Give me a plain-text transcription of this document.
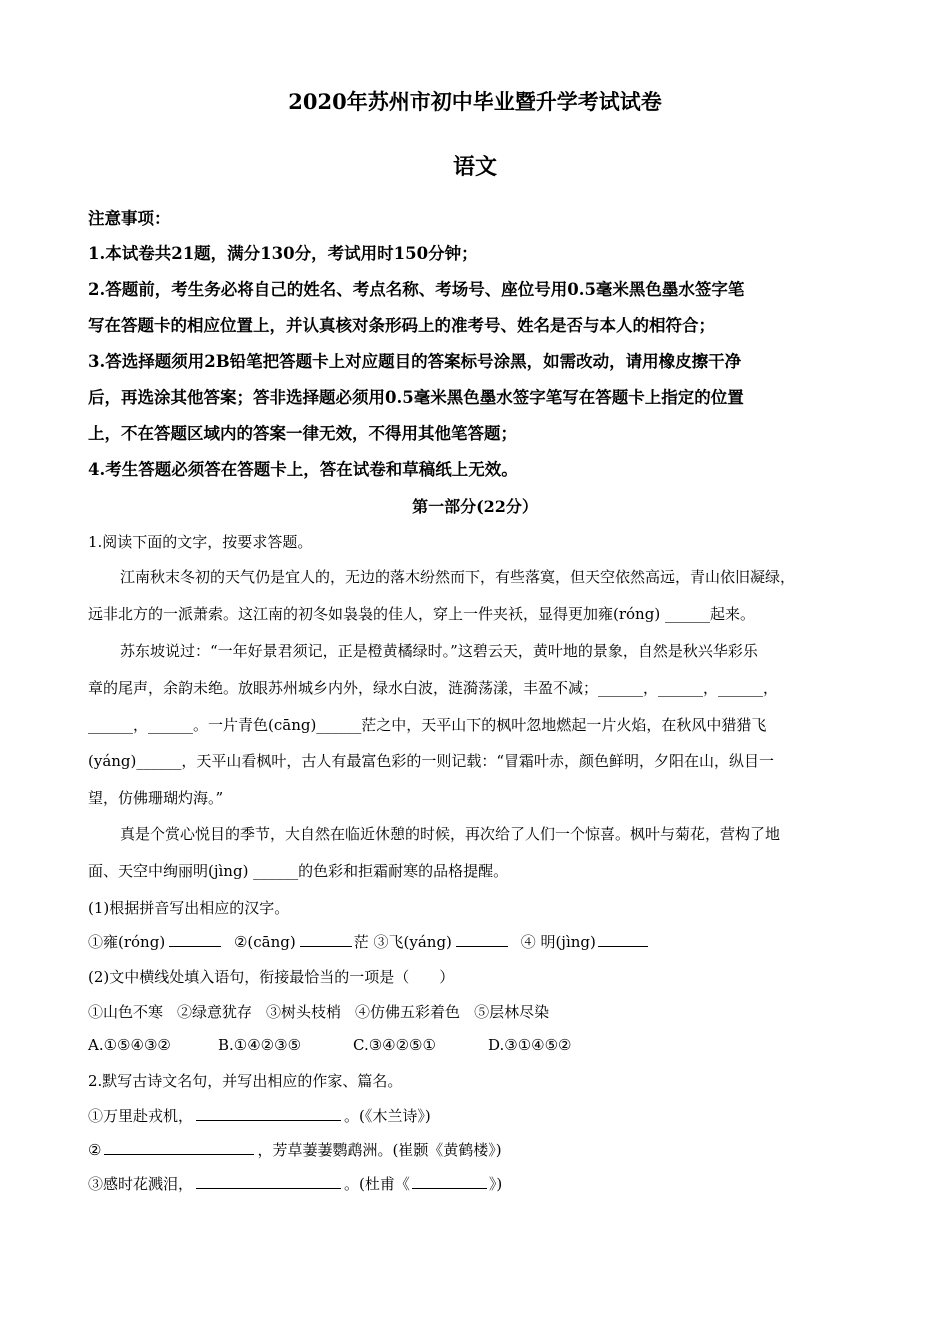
2020年苏州市初中毕业暨升学考试试卷
语文
注意事项：
1.本试卷共21题，满分130分，考试用时150分钟；
2.答题前，考生务必将自己的姓名、考点名称、考场号、座位号用0.5毫米黑色墨水签字笔
写在答题卡的相应位置上，并认真核对条形码上的准考号、姓名是否与本人的相符合；
3.答选择题须用2B铅笔把答题卡上对应题目的答案标号涂黑，如需改动，请用橡皮擦干净
后，再选涂其他答案；答非选择题必须用0.5毫米黑色墨水签字笔写在答题卡上指定的位置
上，不在答题区域内的答案一律无效，不得用其他笔答题；
4.考生答题必须答在答题卡上，答在试卷和草稿纸上无效。
第一部分(22分）
1.阅读下面的文字，按要求答题。
江南秋末冬初的天气仍是宜人的，无边的落木纷然而下，有些落寞，但天空依然高远，青山依旧凝绿，
远非北方的一派萧索。这江南的初冬如袅袅的佳人，穿上一件夹袄，显得更加雍(róng) ______起来。
苏东坡说过：“一年好景君须记，正是橙黄橘绿时。”这碧云天，黄叶地的景象，自然是秋兴华彩乐
章的尾声，余韵未绝。放眼苏州城乡内外，绿水白波，涟漪荡漾，丰盈不减；______，______，______，
______，______。一片青色(cāng)______茫之中，天平山下的枫叶忽地燃起一片火焰，在秋风中猎猎飞
(yáng)______，天平山看枫叶，古人有最富色彩的一则记载：“冒霜叶赤，颜色鲜明，夕阳在山，纵目一
望，仿佛珊瑚灼海。”
真是个赏心悦目的季节，大自然在临近休憩的时候，再次给了人们一个惊喜。枫叶与菊花，营构了地
面、天空中绚丽明(jìng) ______的色彩和拒霜耐寒的品格提醒。
(1)根据拼音写出相应的汉字。
①雍(róng)	②(cāng)	茫 ③飞(yáng)	④ 明(jìng)
(2)文中横线处填入语句，衔接最恰当的一项是（　　）
①山色不寒 ②绿意犹存 ③树头枝梢 ④仿佛五彩着色 ⑤层林尽染
A.①⑤④③②	B.①④②③⑤	C.③④②⑤①	D.③①④⑤②
2.默写古诗文名句，并写出相应的作家、篇名。
①万里赴戎机，	。(《木兰诗》)
②	，芳草萋萋鹦鹉洲。(崔颢《黄鹤楼》)
③感时花溅泪，	。(杜甫《	》)
